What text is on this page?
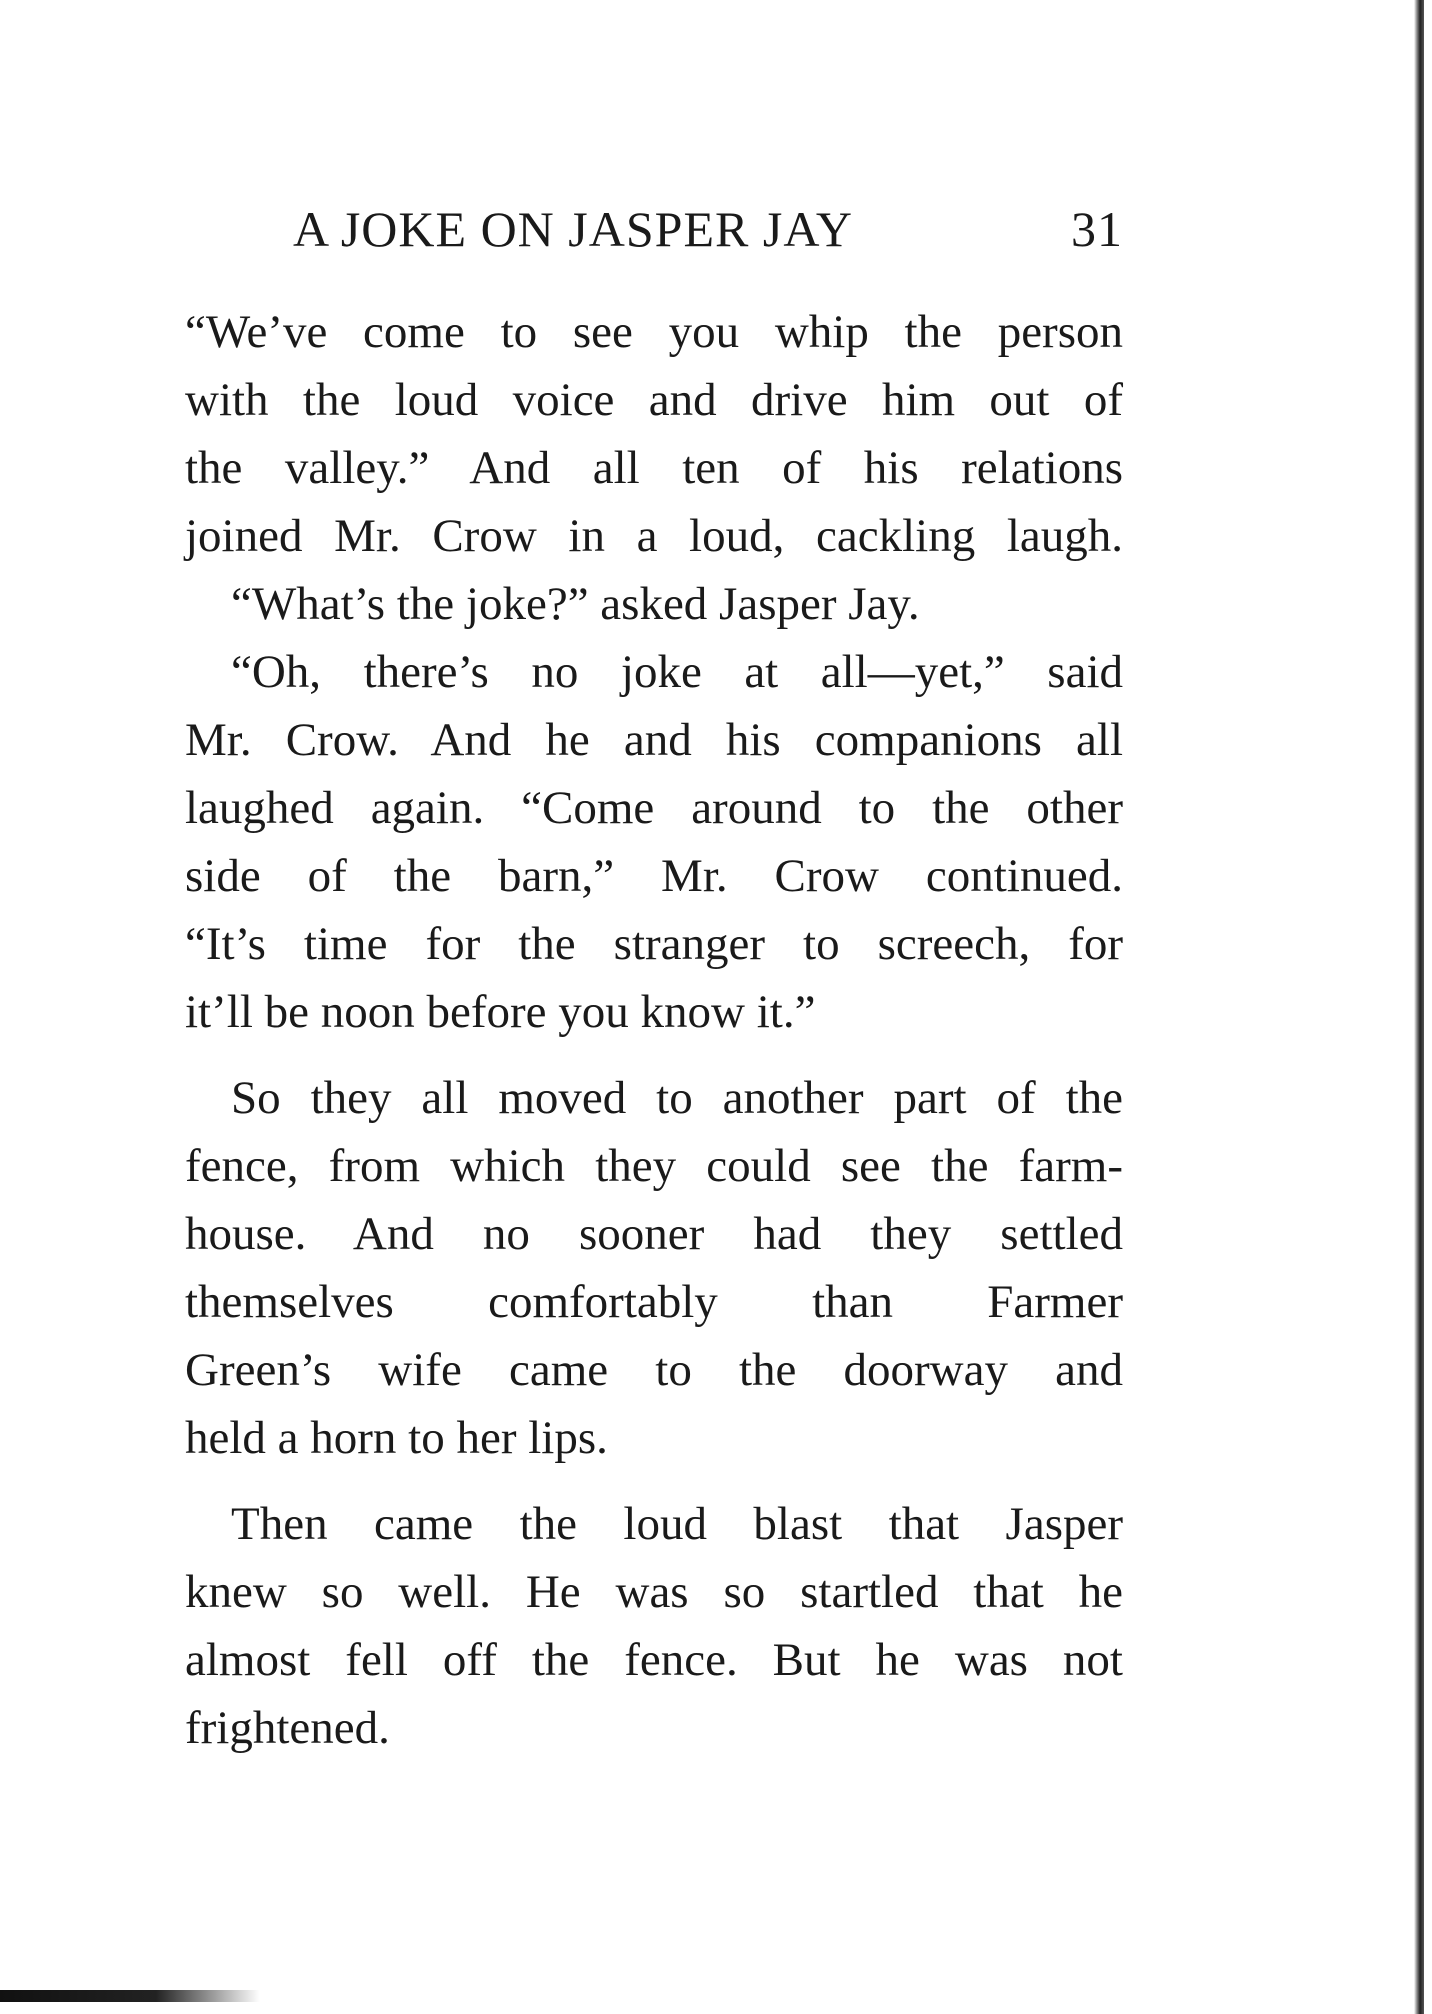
A JOKE ON JASPER JAY	31
“We’ve come to see you whip the person
with the loud voice and drive him out of
the valley.” And all ten of his relations
joined Mr. Crow in a loud, cackling laugh.
“What’s the joke?” asked Jasper Jay.
“Oh, there’s no joke at all—yet,” said
Mr. Crow. And he and his companions all
laughed again. “Come around to the other
side of the barn,” Mr. Crow continued.
“It’s time for the stranger to screech, for
it’ll be noon before you know it.”
So they all moved to another part of the
fence, from which they could see the farm-
house. And no sooner had they settled
themselves comfortably than Farmer
Green’s wife came to the doorway and
held a horn to her lips.
Then came the loud blast that Jasper
knew so well. He was so startled that he
almost fell off the fence. But he was not
frightened.
